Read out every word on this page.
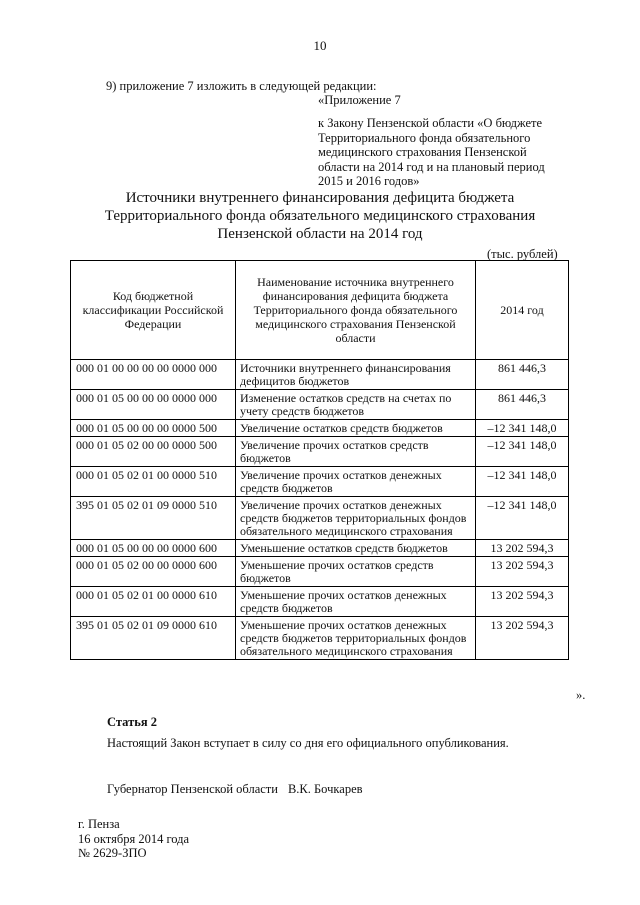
10
9) приложение 7 изложить в следующей редакции:
«Приложение 7
к Закону Пензенской области «О бюджете
Территориального фонда обязательного
медицинского страхования Пензенской
области на 2014 год и на плановый период
2015 и 2016 годов»
Источники внутреннего финансирования дефицита бюджета
Территориального фонда обязательного медицинского страхования
Пензенской области на 2014 год
(тыс. рублей)
Код бюджетной классификации Российской Федерации	Наименование источника внутреннего финансирования дефицита бюджета Территориального фонда обязательного медицинского страхования Пензенской области	2014 год
000 01 00 00 00 00 0000 000	Источники внутреннего финансирования дефицитов бюджетов	861 446,3
000 01 05 00 00 00 0000 000	Изменение остатков средств на счетах по учету средств бюджетов	861 446,3
000 01 05 00 00 00 0000 500	Увеличение остатков средств бюджетов	–12 341 148,0
000 01 05 02 00 00 0000 500	Увеличение прочих остатков средств бюджетов	–12 341 148,0
000 01 05 02 01 00 0000 510	Увеличение прочих остатков денежных средств бюджетов	–12 341 148,0
395 01 05 02 01 09 0000 510	Увеличение прочих остатков денежных средств бюджетов территориальных фондов обязательного медицинского страхования	–12 341 148,0
000 01 05 00 00 00 0000 600	Уменьшение остатков средств бюджетов	13 202 594,3
000 01 05 02 00 00 0000 600	Уменьшение прочих остатков средств бюджетов	13 202 594,3
000 01 05 02 01 00 0000 610	Уменьшение прочих остатков денежных средств бюджетов	13 202 594,3
395 01 05 02 01 09 0000 610	Уменьшение прочих остатков денежных средств бюджетов территориальных фондов обязательного медицинского страхования	13 202 594,3
».
Статья 2
Настоящий Закон вступает в силу со дня его официального опубликования.
Губернатор Пензенской области В.К. Бочкарев
г. Пенза
16 октября 2014 года
№ 2629-ЗПО
